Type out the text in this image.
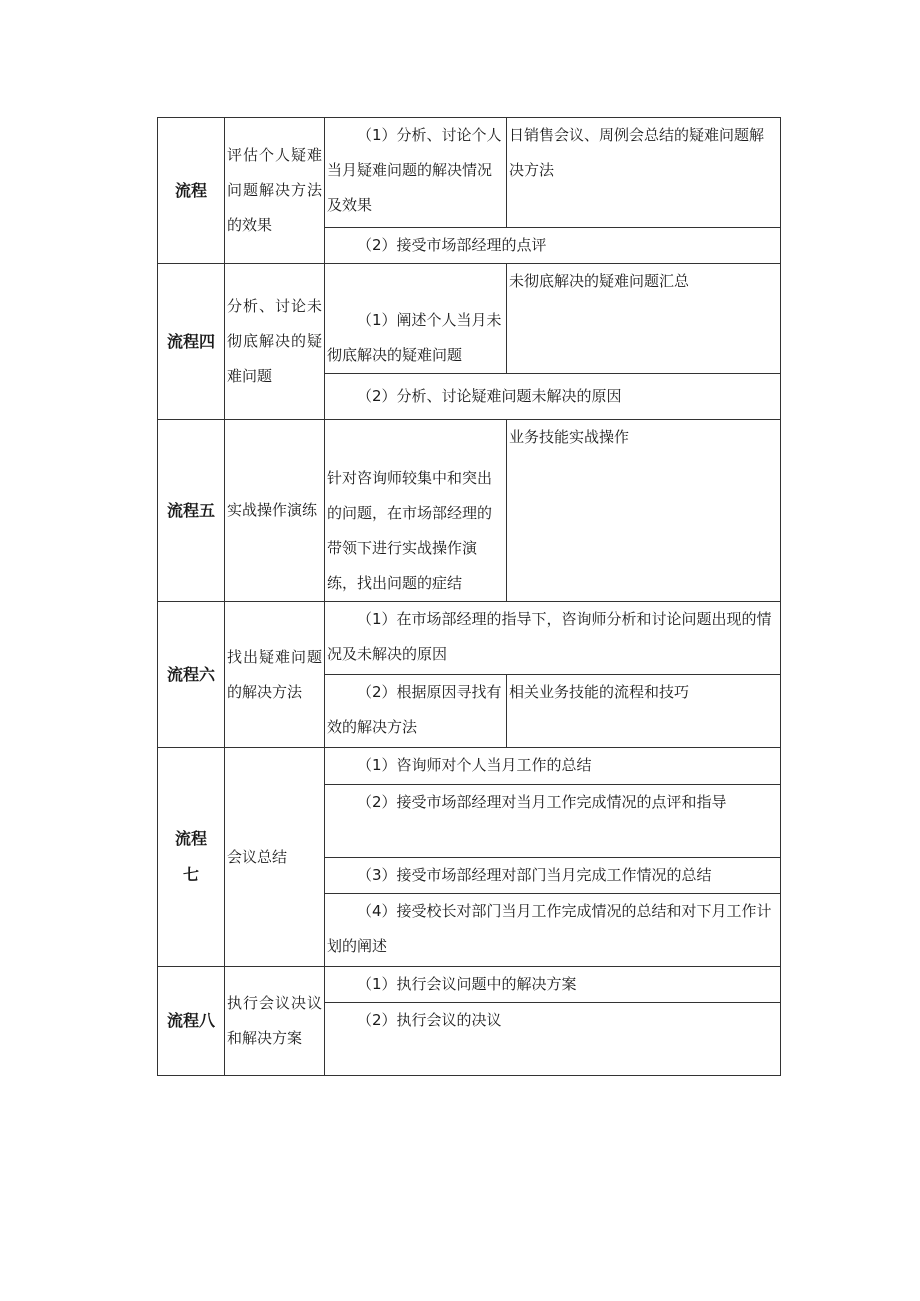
流程	评估个人疑难问题解决方法的效果	（1）分析、讨论个人当月疑难问题的解决情况及效果	日销售会议、周例会总结的疑难问题解决方法
		（2）接受市场部经理的点评	
流程四	分析、讨论未彻底解决的疑难问题	（1）阐述个人当月未彻底解决的疑难问题	未彻底解决的疑难问题汇总
		（2）分析、讨论疑难问题未解决的原因	
流程五	实战操作演练	针对咨询师较集中和突出的问题，在市场部经理的带领下进行实战操作演练，找出问题的症结	业务技能实战操作
流程六	找出疑难问题的解决方法	（1）在市场部经理的指导下，咨询师分析和讨论问题出现的情况及未解决的原因	
		（2）根据原因寻找有效的解决方法	相关业务技能的流程和技巧
流程七	会议总结	（1）咨询师对个人当月工作的总结	
		（2）接受市场部经理对当月工作完成情况的点评和指导	
		（3）接受市场部经理对部门当月完成工作情况的总结	
		（4）接受校长对部门当月工作完成情况的总结和对下月工作计划的阐述	
流程八	执行会议决议和解决方案	（1）执行会议问题中的解决方案	
		（2）执行会议的决议	
